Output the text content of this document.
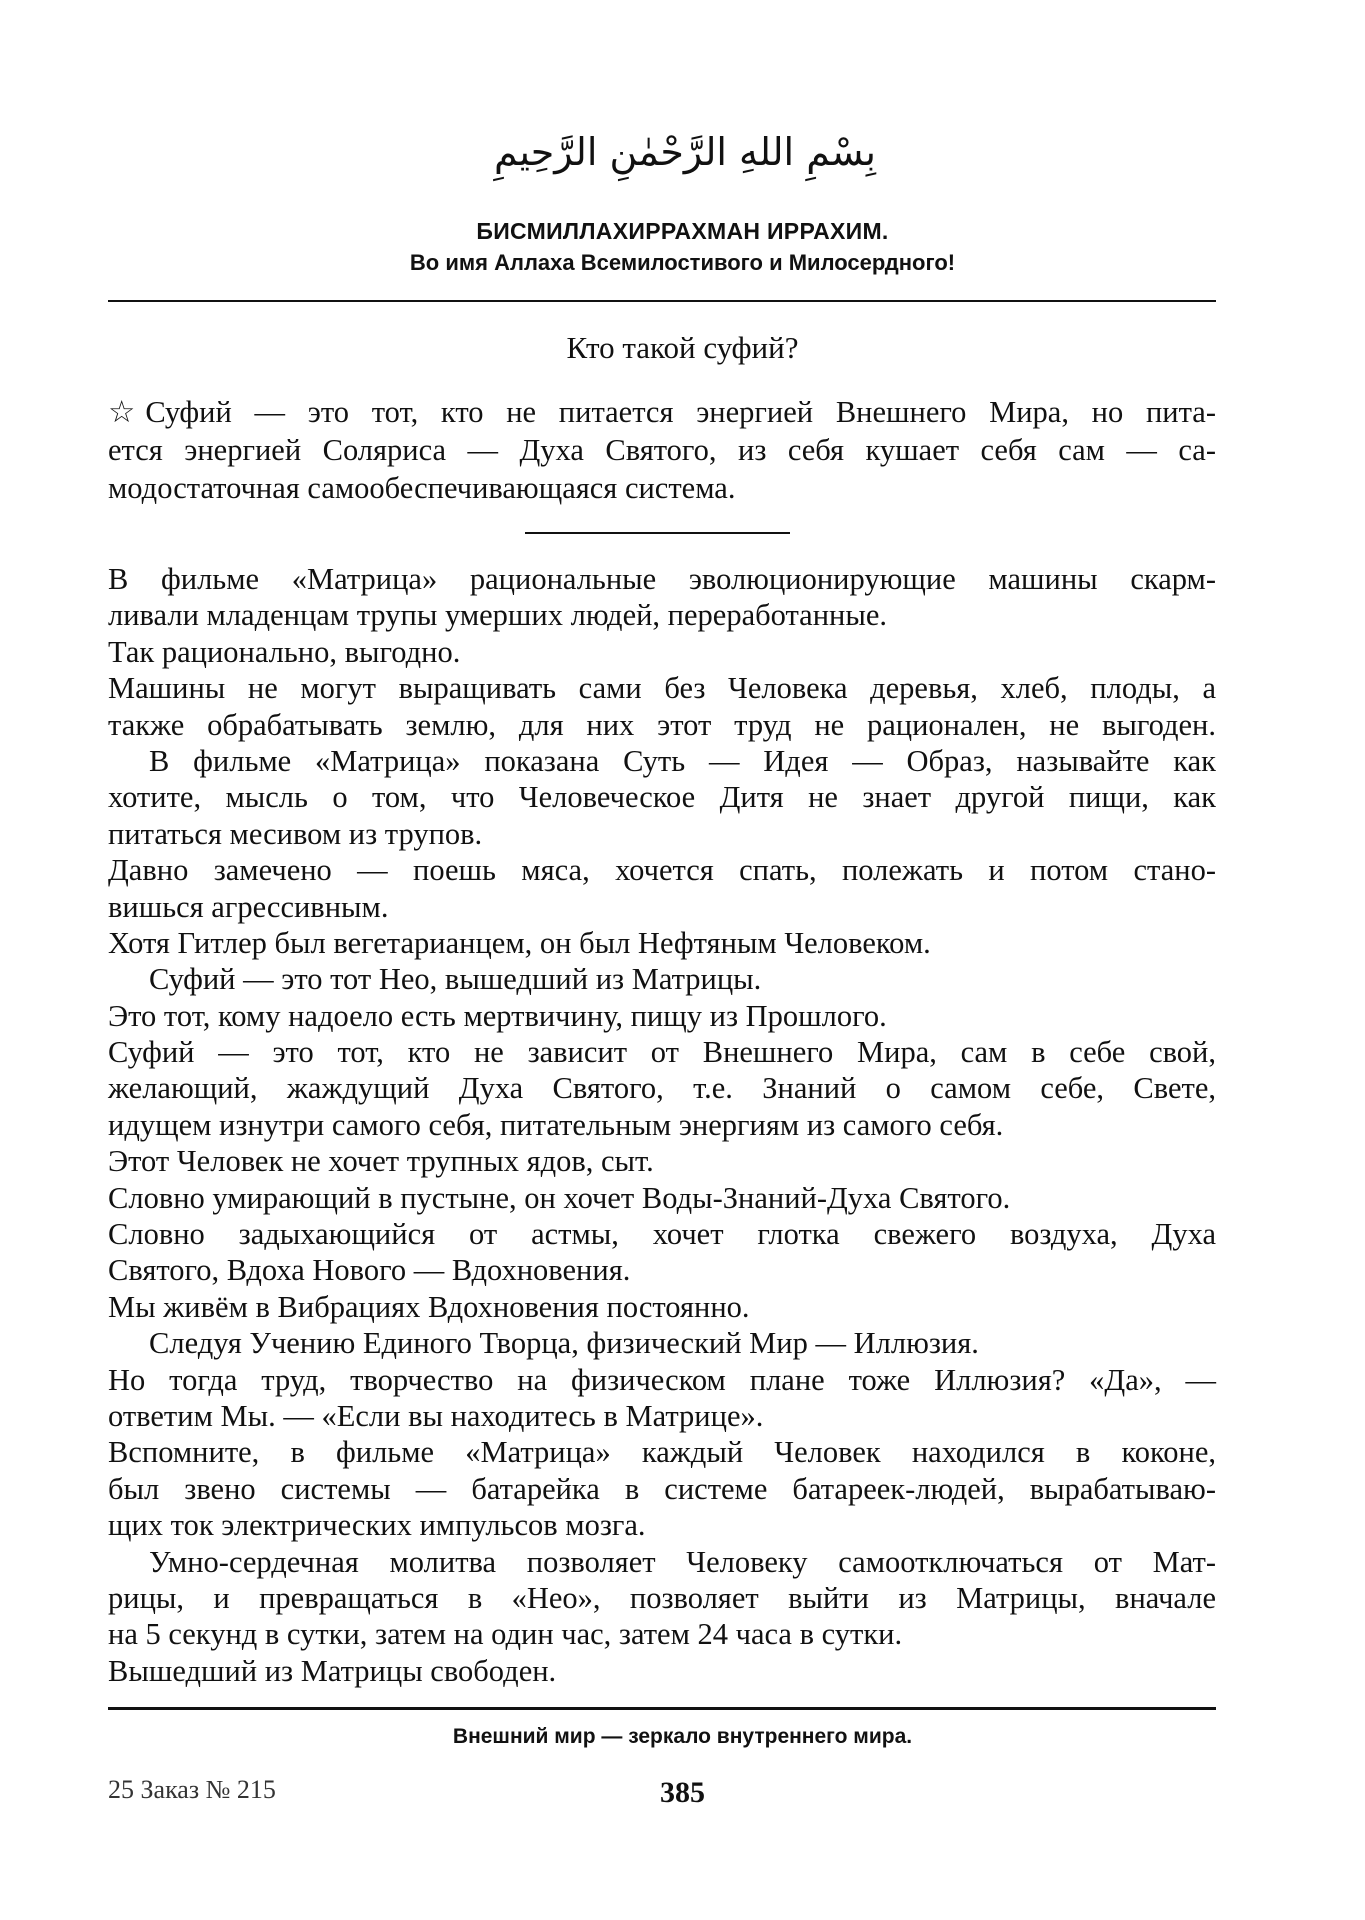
بِسْمِ اللهِ الرَّحْمٰنِ الرَّحِيمِ
БИСМИЛЛАХИРРАХМАН ИРРАХИМ.
Во имя Аллаха Всемилостивого и Милосердного!
Кто такой суфий?
☆ Суфий — это тот, кто не питается энергией Внешнего Мира, но пита-
ется энергией Соляриса — Духа Святого, из себя кушает себя сам — са-
модостаточная самообеспечивающаяся система.
В фильме «Матрица» рациональные эволюционирующие машины скарм-
ливали младенцам трупы умерших людей, переработанные.
Так рационально, выгодно.
Машины не могут выращивать сами без Человека деревья, хлеб, плоды, а
также обрабатывать землю, для них этот труд не рационален, не выгоден.
В фильме «Матрица» показана Суть — Идея — Образ, называйте как
хотите, мысль о том, что Человеческое Дитя не знает другой пищи, как
питаться месивом из трупов.
Давно замечено — поешь мяса, хочется спать, полежать и потом стано-
вишься агрессивным.
Хотя Гитлер был вегетарианцем, он был Нефтяным Человеком.
Суфий — это тот Нео, вышедший из Матрицы.
Это тот, кому надоело есть мертвичину, пищу из Прошлого.
Суфий — это тот, кто не зависит от Внешнего Мира, сам в себе свой,
желающий, жаждущий Духа Святого, т.е. Знаний о самом себе, Свете,
идущем изнутри самого себя, питательным энергиям из самого себя.
Этот Человек не хочет трупных ядов, сыт.
Словно умирающий в пустыне, он хочет Воды-Знаний-Духа Святого.
Словно задыхающийся от астмы, хочет глотка свежего воздуха, Духа
Святого, Вдоха Нового — Вдохновения.
Мы живём в Вибрациях Вдохновения постоянно.
Следуя Учению Единого Творца, физический Мир — Иллюзия.
Но тогда труд, творчество на физическом плане тоже Иллюзия? «Да», —
ответим Мы. — «Если вы находитесь в Матрице».
Вспомните, в фильме «Матрица» каждый Человек находился в коконе,
был звено системы — батарейка в системе батареек-людей, вырабатываю-
щих ток электрических импульсов мозга.
Умно-сердечная молитва позволяет Человеку самоотключаться от Мат-
рицы, и превращаться в «Нео», позволяет выйти из Матрицы, вначале
на 5 секунд в сутки, затем на один час, затем 24 часа в сутки.
Вышедший из Матрицы свободен.
Внешний мир — зеркало внутреннего мира.
25 Заказ № 215	385
